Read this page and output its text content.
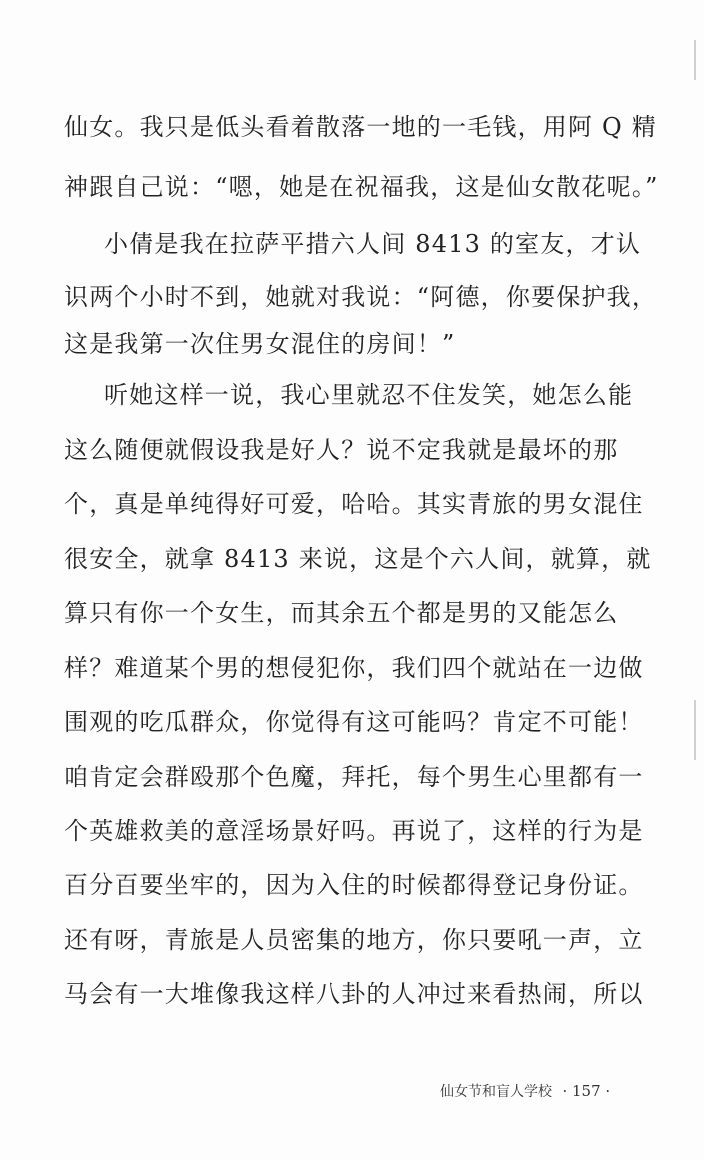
仙女。我只是低头看着散落一地的一毛钱，用阿 Q 精
神跟自己说：“嗯，她是在祝福我，这是仙女散花呢。”
小倩是我在拉萨平措六人间 8413 的室友，才认
识两个小时不到，她就对我说：“阿德，你要保护我，
这是我第一次住男女混住的房间！”
听她这样一说，我心里就忍不住发笑，她怎么能
这么随便就假设我是好人？说不定我就是最坏的那
个，真是单纯得好可爱，哈哈。其实青旅的男女混住
很安全，就拿 8413 来说，这是个六人间，就算，就
算只有你一个女生，而其余五个都是男的又能怎么
样？难道某个男的想侵犯你，我们四个就站在一边做
围观的吃瓜群众，你觉得有这可能吗？肯定不可能！
咱肯定会群殴那个色魔，拜托，每个男生心里都有一
个英雄救美的意淫场景好吗。再说了，这样的行为是
百分百要坐牢的，因为入住的时候都得登记身份证。
还有呀，青旅是人员密集的地方，你只要吼一声，立
马会有一大堆像我这样八卦的人冲过来看热闹，所以
仙女节和盲人学校 · 157 ·
